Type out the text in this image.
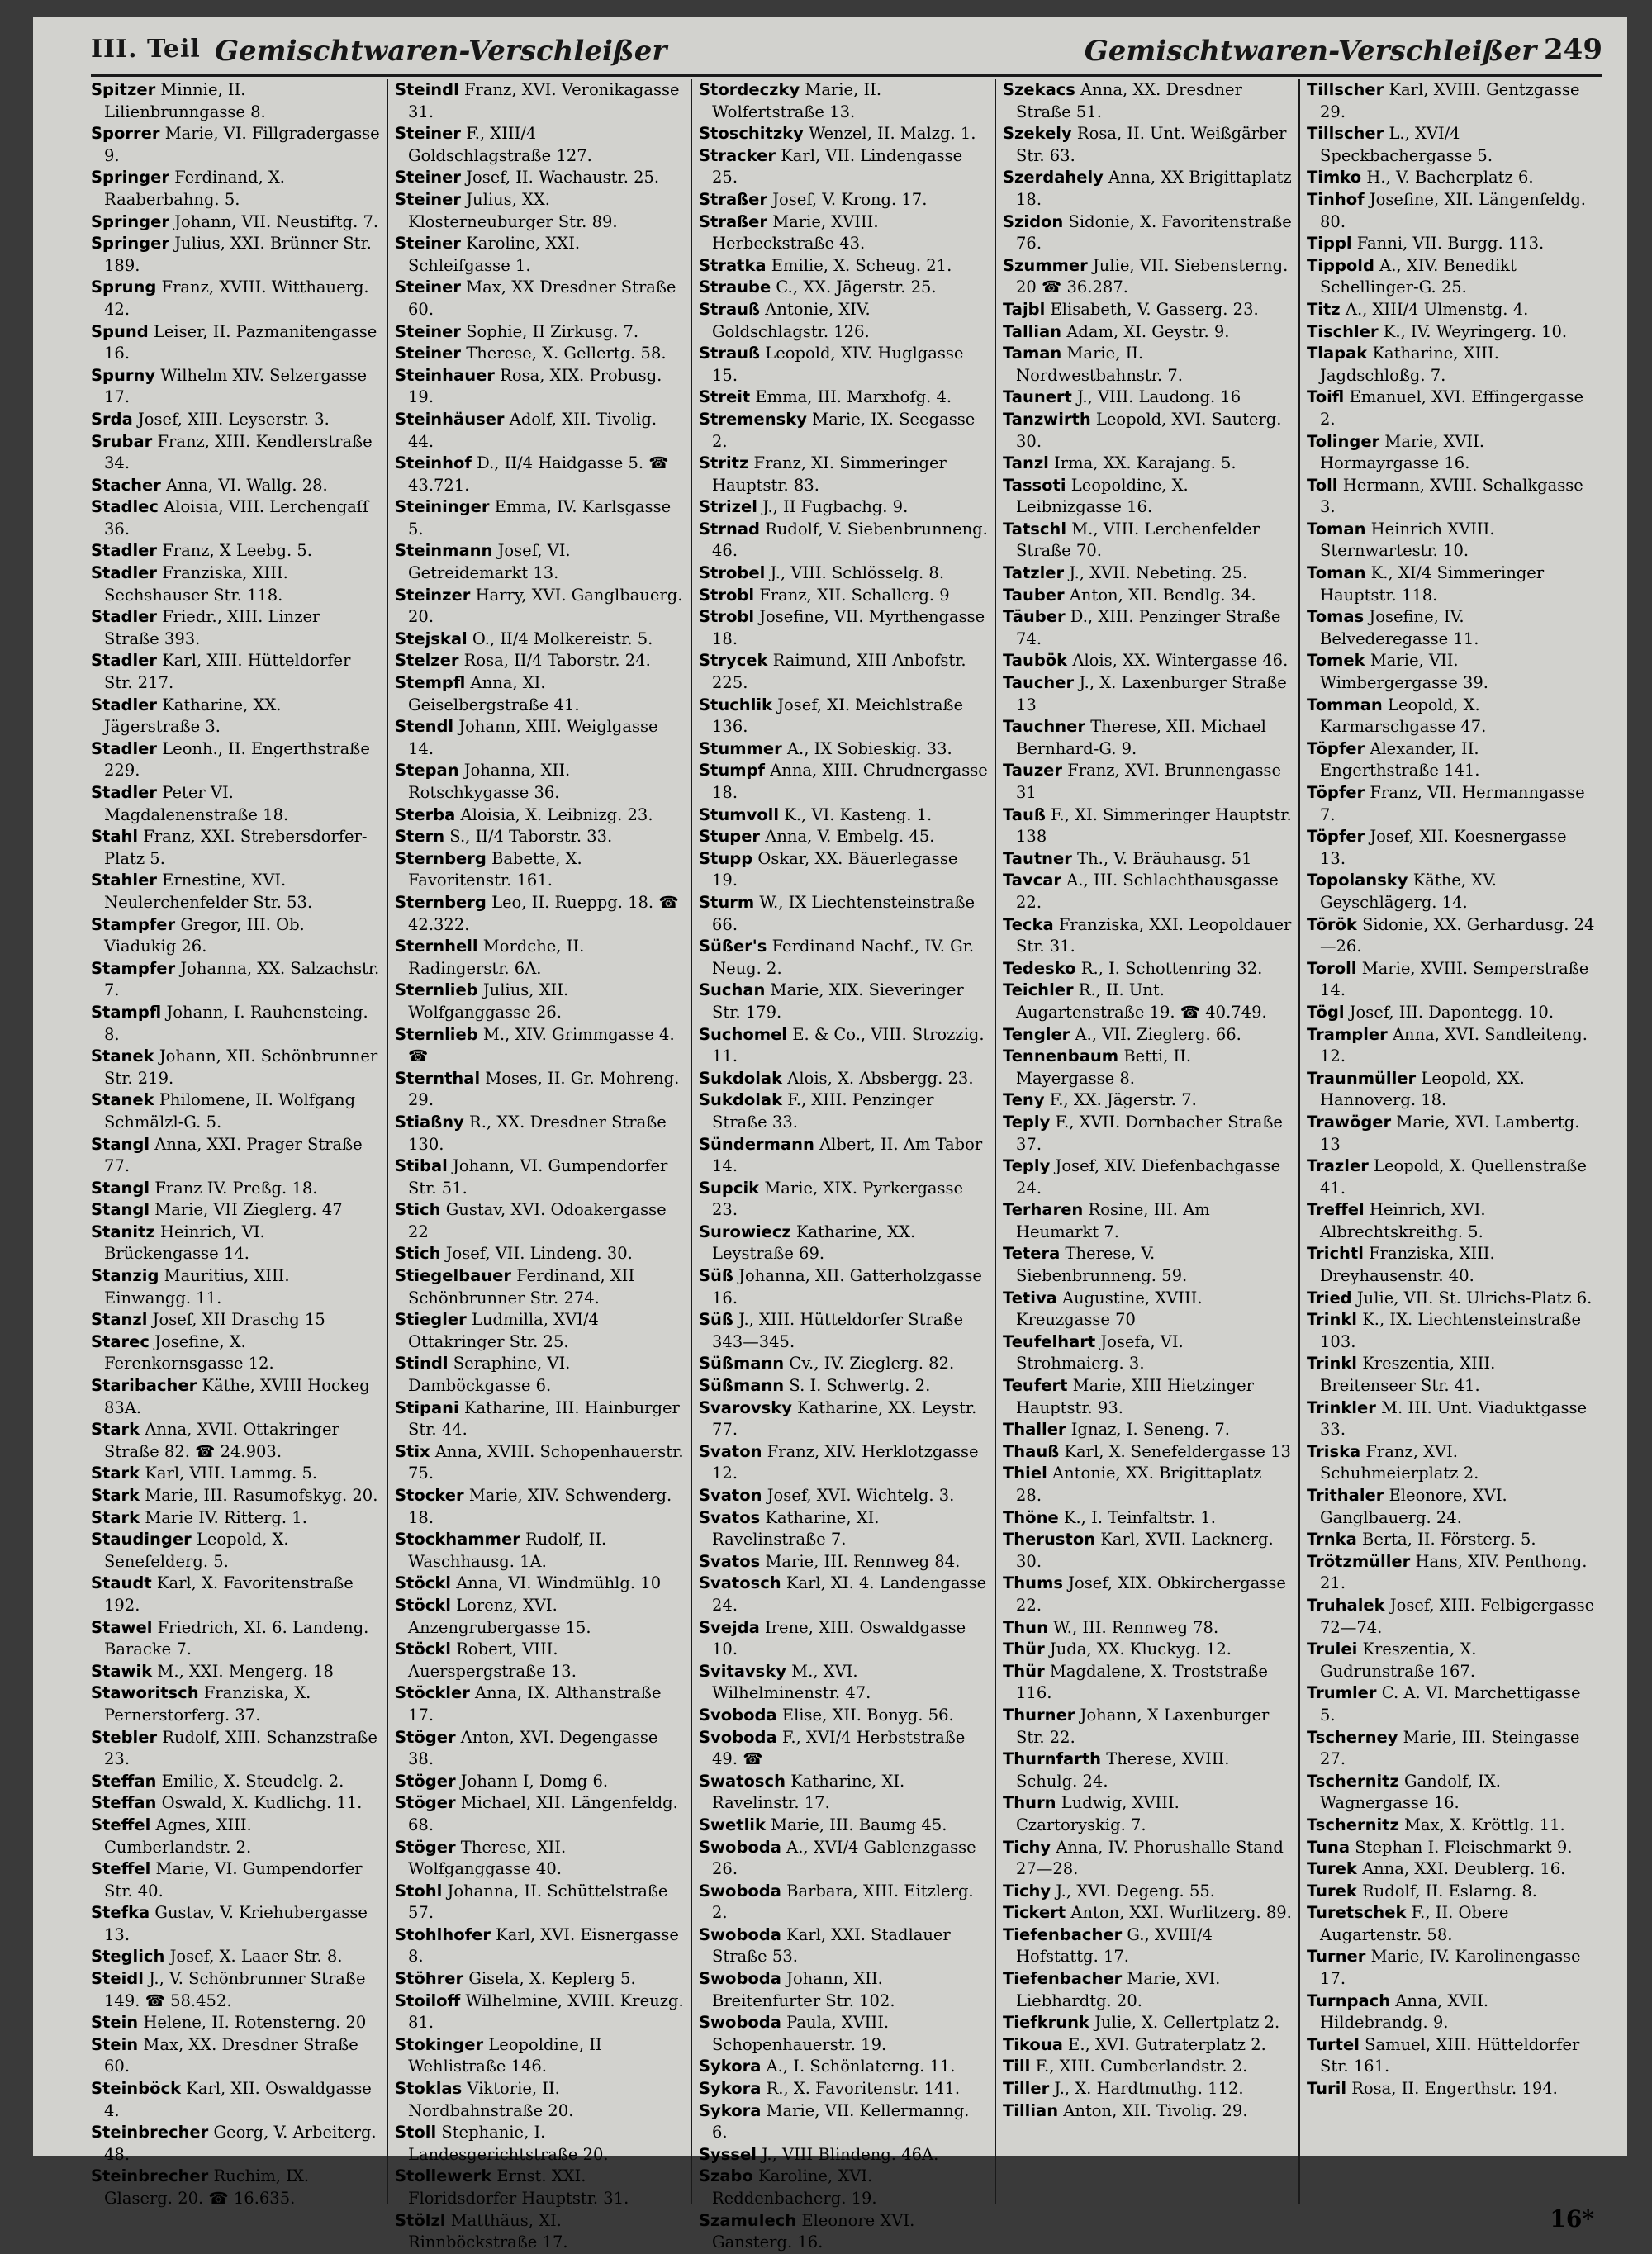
III. Teil Gemischtwaren-Verschleißer	Gemischtwaren-Verschleißer 249

Spitzer Minnie, II. Lilienbrunngasse 8.

Sporrer Marie, VI. Fillgradergasse 9.

Springer Ferdinand, X. Raaberbahng. 5.

Springer Johann, VII. Neustiftg. 7.

Springer Julius, XXI. Brünner Str. 189.

Sprung Franz, XVIII. Witthauerg. 42.

Spund Leiser, II. Pazmanitengasse 16.

Spurny Wilhelm XIV. Selzergasse 17.

Srda Josef, XIII. Leyserstr. 3.

Srubar Franz, XIII. Kendlerstraße 34.

Stacher Anna, VI. Wallg. 28.

Stadlec Aloisia, VIII. Lerchengaſſ 36.

Stadler Franz, X Leebg. 5.

Stadler Franziska, XIII. Sechshauser Str. 118.

Stadler Friedr., XIII. Linzer Straße 393.

Stadler Karl, XIII. Hütteldorfer Str. 217.

Stadler Katharine, XX. Jägerstraße 3.

Stadler Leonh., II. Engerthstraße 229.

Stadler Peter VI. Magdalenenstraße 18.

Stahl Franz, XXI. Strebersdorfer-Platz 5.

Stahler Ernestine, XVI. Neulerchenfelder Str. 53.

Stampfer Gregor, III. Ob. Viadukig 26.

Stampfer Johanna, XX. Salzachstr. 7.

Stampfl Johann, I. Rauhensteing. 8.

Stanek Johann, XII. Schönbrunner Str. 219.

Stanek Philomene, II. Wolfgang Schmälzl-G. 5.

Stangl Anna, XXI. Prager Straße 77.

Stangl Franz IV. Preßg. 18.

Stangl Marie, VII Zieglerg. 47

Stanitz Heinrich, VI. Brückengasse 14.

Stanzig Mauritius, XIII. Einwangg. 11.

Stanzl Josef, XII Draschg 15

Starec Josefine, X. Ferenkornsgasse 12.

Staribacher Käthe, XVIII Hockeg 83A.

Stark Anna, XVII. Ottakringer Straße 82. ☎ 24.903.

Stark Karl, VIII. Lammg. 5.

Stark Marie, III. Rasumofskyg. 20.

Stark Marie IV. Ritterg. 1.

Staudinger Leopold, X. Senefelderg. 5.

Staudt Karl, X. Favoritenstraße 192.

Stawel Friedrich, XI. 6. Landeng. Baracke 7.

Stawik M., XXI. Mengerg. 18

Staworitsch Franziska, X. Pernerstorferg. 37.

Stebler Rudolf, XIII. Schanzstraße 23.

Steffan Emilie, X. Steudelg. 2.

Steffan Oswald, X. Kudlichg. 11.

Steffel Agnes, XIII. Cumberlandstr. 2.

Steffel Marie, VI. Gumpendorfer Str. 40.

Stefka Gustav, V. Kriehubergasse 13.

Steglich Josef, X. Laaer Str. 8.

Steidl J., V. Schönbrunner Straße 149. ☎ 58.452.

Stein Helene, II. Rotensterng. 20

Stein Max, XX. Dresdner Straße 60.

Steinböck Karl, XII. Oswaldgasse 4.

Steinbrecher Georg, V. Arbeiterg. 48.

Steinbrecher Ruchim, IX. Glaserg. 20. ☎ 16.635.

Steindl Franz, XVI. Veronikagasse 31.

Steiner F., XIII/4 Goldschlagstraße 127.

Steiner Josef, II. Wachaustr. 25.

Steiner Julius, XX. Klosterneuburger Str. 89.

Steiner Karoline, XXI. Schleifgasse 1.

Steiner Max, XX Dresdner Straße 60.

Steiner Sophie, II Zirkusg. 7.

Steiner Therese, X. Gellertg. 58.

Steinhauer Rosa, XIX. Probusg. 19.

Steinhäuser Adolf, XII. Tivolig. 44.

Steinhof D., II/4 Haidgasse 5. ☎ 43.721.

Steininger Emma, IV. Karlsgasse 5.

Steinmann Josef, VI. Getreidemarkt 13.

Steinzer Harry, XVI. Ganglbauerg. 20.

Stejskal O., II/4 Molkereistr. 5.

Stelzer Rosa, II/4 Taborstr. 24.

Stempfl Anna, XI. Geiselbergstraße 41.

Stendl Johann, XIII. Weiglgasse 14.

Stepan Johanna, XII. Rotschkygasse 36.

Sterba Aloisia, X. Leibnizg. 23.

Stern S., II/4 Taborstr. 33.

Sternberg Babette, X. Favoritenstr. 161.

Sternberg Leo, II. Rueppg. 18. ☎ 42.322.

Sternhell Mordche, II. Radingerstr. 6A.

Sternlieb Julius, XII. Wolfganggasse 26.

Sternlieb M., XIV. Grimmgasse 4. ☎

Sternthal Moses, II. Gr. Mohreng. 29.

Stiaßny R., XX. Dresdner Straße 130.

Stibal Johann, VI. Gumpendorfer Str. 51.

Stich Gustav, XVI. Odoakergasse 22

Stich Josef, VII. Lindeng. 30.

Stiegelbauer Ferdinand, XII Schönbrunner Str. 274.

Stiegler Ludmilla, XVI/4 Ottakringer Str. 25.

Stindl Seraphine, VI. Damböckgasse 6.

Stipani Katharine, III. Hainburger Str. 44.

Stix Anna, XVIII. Schopenhauerstr. 75.

Stocker Marie, XIV. Schwenderg. 18.

Stockhammer Rudolf, II. Waschhausg. 1A.

Stöckl Anna, VI. Windmühlg. 10

Stöckl Lorenz, XVI. Anzengrubergasse 15.

Stöckl Robert, VIII. Auerspergstraße 13.

Stöckler Anna, IX. Althanstraße 17.

Stöger Anton, XVI. Degengasse 38.

Stöger Johann I, Domg 6.

Stöger Michael, XII. Längenfeldg. 68.

Stöger Therese, XII. Wolfganggasse 40.

Stohl Johanna, II. Schüttelstraße 57.

Stohlhofer Karl, XVI. Eisnergasse 8.

Stöhrer Gisela, X. Keplerg 5.

Stoiloff Wilhelmine, XVIII. Kreuzg. 81.

Stokinger Leopoldine, II Wehlistraße 146.

Stoklas Viktorie, II. Nordbahnstraße 20.

Stoll Stephanie, I. Landesgerichtstraße 20.

Stollewerk Ernst. XXI. Floridsdorfer Hauptstr. 31.

Stölzl Matthäus, XI. Rinnböckstraße 17.

Stordeczky Marie, II. Wolfertstraße 13.

Stoschitzky Wenzel, II. Malzg. 1.

Stracker Karl, VII. Lindengasse 25.

Straßer Josef, V. Krong. 17.

Straßer Marie, XVIII. Herbeckstraße 43.

Stratka Emilie, X. Scheug. 21.

Straube C., XX. Jägerstr. 25.

Strauß Antonie, XIV. Goldschlagstr. 126.

Strauß Leopold, XIV. Huglgasse 15.

Streit Emma, III. Marxhofg. 4.

Stremensky Marie, IX. Seegasse 2.

Stritz Franz, XI. Simmeringer Hauptstr. 83.

Strizel J., II Fugbachg. 9.

Strnad Rudolf, V. Siebenbrunneng. 46.

Strobel J., VIII. Schlösselg. 8.

Strobl Franz, XII. Schallerg. 9

Strobl Josefine, VII. Myrthengasse 18.

Strycek Raimund, XIII Anbofstr. 225.

Stuchlik Josef, XI. Meichlstraße 136.

Stummer A., IX Sobieskig. 33.

Stumpf Anna, XIII. Chrudnergasse 18.

Stumvoll K., VI. Kasteng. 1.

Stuper Anna, V. Embelg. 45.

Stupp Oskar, XX. Bäuerlegasse 19.

Sturm W., IX Liechtensteinstraße 66.

Süßer's Ferdinand Nachf., IV. Gr. Neug. 2.

Suchan Marie, XIX. Sieveringer Str. 179.

Suchomel E. & Co., VIII. Strozzig. 11.

Sukdolak Alois, X. Absbergg. 23.

Sukdolak F., XIII. Penzinger Straße 33.

Sündermann Albert, II. Am Tabor 14.

Supcik Marie, XIX. Pyrkergasse 23.

Surowiecz Katharine, XX. Leystraße 69.

Süß Johanna, XII. Gatterholzgasse 16.

Süß J., XIII. Hütteldorfer Straße 343—345.

Süßmann Cv., IV. Zieglerg. 82.

Süßmann S. I. Schwertg. 2.

Svarovsky Katharine, XX. Leystr. 77.

Svaton Franz, XIV. Herklotzgasse 12.

Svaton Josef, XVI. Wichtelg. 3.

Svatos Katharine, XI. Ravelinstraße 7.

Svatos Marie, III. Rennweg 84.

Svatosch Karl, XI. 4. Landengasse 24.

Svejda Irene, XIII. Oswaldgasse 10.

Svitavsky M., XVI. Wilhelminenstr. 47.

Svoboda Elise, XII. Bonyg. 56.

Svoboda F., XVI/4 Herbststraße 49. ☎

Swatosch Katharine, XI. Ravelinstr. 17.

Swetlik Marie, III. Baumg 45.

Swoboda A., XVI/4 Gablenzgasse 26.

Swoboda Barbara, XIII. Eitzlerg. 2.

Swoboda Karl, XXI. Stadlauer Straße 53.

Swoboda Johann, XII. Breitenfurter Str. 102.

Swoboda Paula, XVIII. Schopenhauerstr. 19.

Sykora A., I. Schönlaterng. 11.

Sykora R., X. Favoritenstr. 141.

Sykora Marie, VII. Kellermanng. 6.

Syssel J., VIII Blindeng. 46A.

Szabo Karoline, XVI. Reddenbacherg. 19.

Szamulech Eleonore XVI. Gansterg. 16.

Szekacs Anna, XX. Dresdner Straße 51.

Szekely Rosa, II. Unt. Weißgärber Str. 63.

Szerdahely Anna, XX Brigittaplatz 18.

Szidon Sidonie, X. Favoritenstraße 76.

Szummer Julie, VII. Siebensterng. 20 ☎ 36.287.

Tajbl Elisabeth, V. Gasserg. 23.

Tallian Adam, XI. Geystr. 9.

Taman Marie, II. Nordwestbahnstr. 7.

Taunert J., VIII. Laudong. 16

Tanzwirth Leopold, XVI. Sauterg. 30.

Tanzl Irma, XX. Karajang. 5.

Tassoti Leopoldine, X. Leibnizgasse 16.

Tatschl M., VIII. Lerchenfelder Straße 70.

Tatzler J., XVII. Nebeting. 25.

Tauber Anton, XII. Bendlg. 34.

Täuber D., XIII. Penzinger Straße 74.

Taubök Alois, XX. Wintergasse 46.

Taucher J., X. Laxenburger Straße 13

Tauchner Therese, XII. Michael Bernhard-G. 9.

Tauzer Franz, XVI. Brunnengasse 31

Tauß F., XI. Simmeringer Hauptstr. 138

Tautner Th., V. Bräuhausg. 51

Tavcar A., III. Schlachthausgasse 22.

Tecka Franziska, XXI. Leopoldauer Str. 31.

Tedesko R., I. Schottenring 32.

Teichler R., II. Unt. Augartenstraße 19. ☎ 40.749.

Tengler A., VII. Zieglerg. 66.

Tennenbaum Betti, II. Mayergasse 8.

Teny F., XX. Jägerstr. 7.

Teply F., XVII. Dornbacher Straße 37.

Teply Josef, XIV. Diefenbachgasse 24.

Terharen Rosine, III. Am Heumarkt 7.

Tetera Therese, V. Siebenbrunneng. 59.

Tetiva Augustine, XVIII. Kreuzgasse 70

Teufelhart Josefa, VI. Strohmaierg. 3.

Teufert Marie, XIII Hietzinger Hauptstr. 93.

Thaller Ignaz, I. Seneng. 7.

Thauß Karl, X. Senefeldergasse 13

Thiel Antonie, XX. Brigittaplatz 28.

Thöne K., I. Teinfaltstr. 1.

Theruston Karl, XVII. Lacknerg. 30.

Thums Josef, XIX. Obkirchergasse 22.

Thun W., III. Rennweg 78.

Thür Juda, XX. Kluckyg. 12.

Thür Magdalene, X. Troststraße 116.

Thurner Johann, X Laxenburger Str. 22.

Thurnfarth Therese, XVIII. Schulg. 24.

Thurn Ludwig, XVIII. Czartoryskig. 7.

Tichy Anna, IV. Phorushalle Stand 27—28.

Tichy J., XVI. Degeng. 55.

Tickert Anton, XXI. Wurlitzerg. 89.

Tiefenbacher G., XVIII/4 Hofstattg. 17.

Tiefenbacher Marie, XVI. Liebhardtg. 20.

Tiefkrunk Julie, X. Cellertplatz 2.

Tikoua E., XVI. Gutraterplatz 2.

Till F., XIII. Cumberlandstr. 2.

Tiller J., X. Hardtmuthg. 112.

Tillian Anton, XII. Tivolig. 29.

Tillscher Karl, XVIII. Gentzgasse 29.

Tillscher L., XVI/4 Speckbachergasse 5.

Timko H., V. Bacherplatz 6.

Tinhof Josefine, XII. Längenfeldg. 80.

Tippl Fanni, VII. Burgg. 113.

Tippold A., XIV. Benedikt Schellinger-G. 25.

Titz A., XIII/4 Ulmenstg. 4.

Tischler K., IV. Weyringerg. 10.

Tlapak Katharine, XIII. Jagdschloßg. 7.

Toifl Emanuel, XVI. Effingergasse 2.

Tolinger Marie, XVII. Hormayrgasse 16.

Toll Hermann, XVIII. Schalkgasse 3.

Toman Heinrich XVIII. Sternwartestr. 10.

Toman K., XI/4 Simmeringer Hauptstr. 118.

Tomas Josefine, IV. Belvederegasse 11.

Tomek Marie, VII. Wimbergergasse 39.

Tomman Leopold, X. Karmarschgasse 47.

Töpfer Alexander, II. Engerthstraße 141.

Töpfer Franz, VII. Hermanngasse 7.

Töpfer Josef, XII. Koesnergasse 13.

Topolansky Käthe, XV. Geyschlägerg. 14.

Török Sidonie, XX. Gerhardusg. 24—26.

Toroll Marie, XVIII. Semperstraße 14.

Tögl Josef, III. Dapontegg. 10.

Trampler Anna, XVI. Sandleiteng. 12.

Traunmüller Leopold, XX. Hannoverg. 18.

Trawöger Marie, XVI. Lambertg. 13

Trazler Leopold, X. Quellenstraße 41.

Treffel Heinrich, XVI. Albrechtskreithg. 5.

Trichtl Franziska, XIII. Dreyhausenstr. 40.

Tried Julie, VII. St. Ulrichs-Platz 6.

Trinkl K., IX. Liechtensteinstraße 103.

Trinkl Kreszentia, XIII. Breitenseer Str. 41.

Trinkler M. III. Unt. Viaduktgasse 33.

Triska Franz, XVI. Schuhmeierplatz 2.

Trithaler Eleonore, XVI. Ganglbauerg. 24.

Trnka Berta, II. Försterg. 5.

Trötzmüller Hans, XIV. Penthong. 21.

Truhalek Josef, XIII. Felbigergasse 72—74.

Trulei Kreszentia, X. Gudrunstraße 167.

Trumler C. A. VI. Marchettigasse 5.

Tscherney Marie, III. Steingasse 27.

Tschernitz Gandolf, IX. Wagnergasse 16.

Tschernitz Max, X. Kröttlg. 11.

Tuna Stephan I. Fleischmarkt 9.

Turek Anna, XXI. Deublerg. 16.

Turek Rudolf, II. Eslarng. 8.

Turetschek F., II. Obere Augartenstr. 58.

Turner Marie, IV. Karolinengasse 17.

Turnpach Anna, XVII. Hildebrandg. 9.

Turtel Samuel, XIII. Hütteldorfer Str. 161.

Turil Rosa, II. Engerthstr. 194.

16*
